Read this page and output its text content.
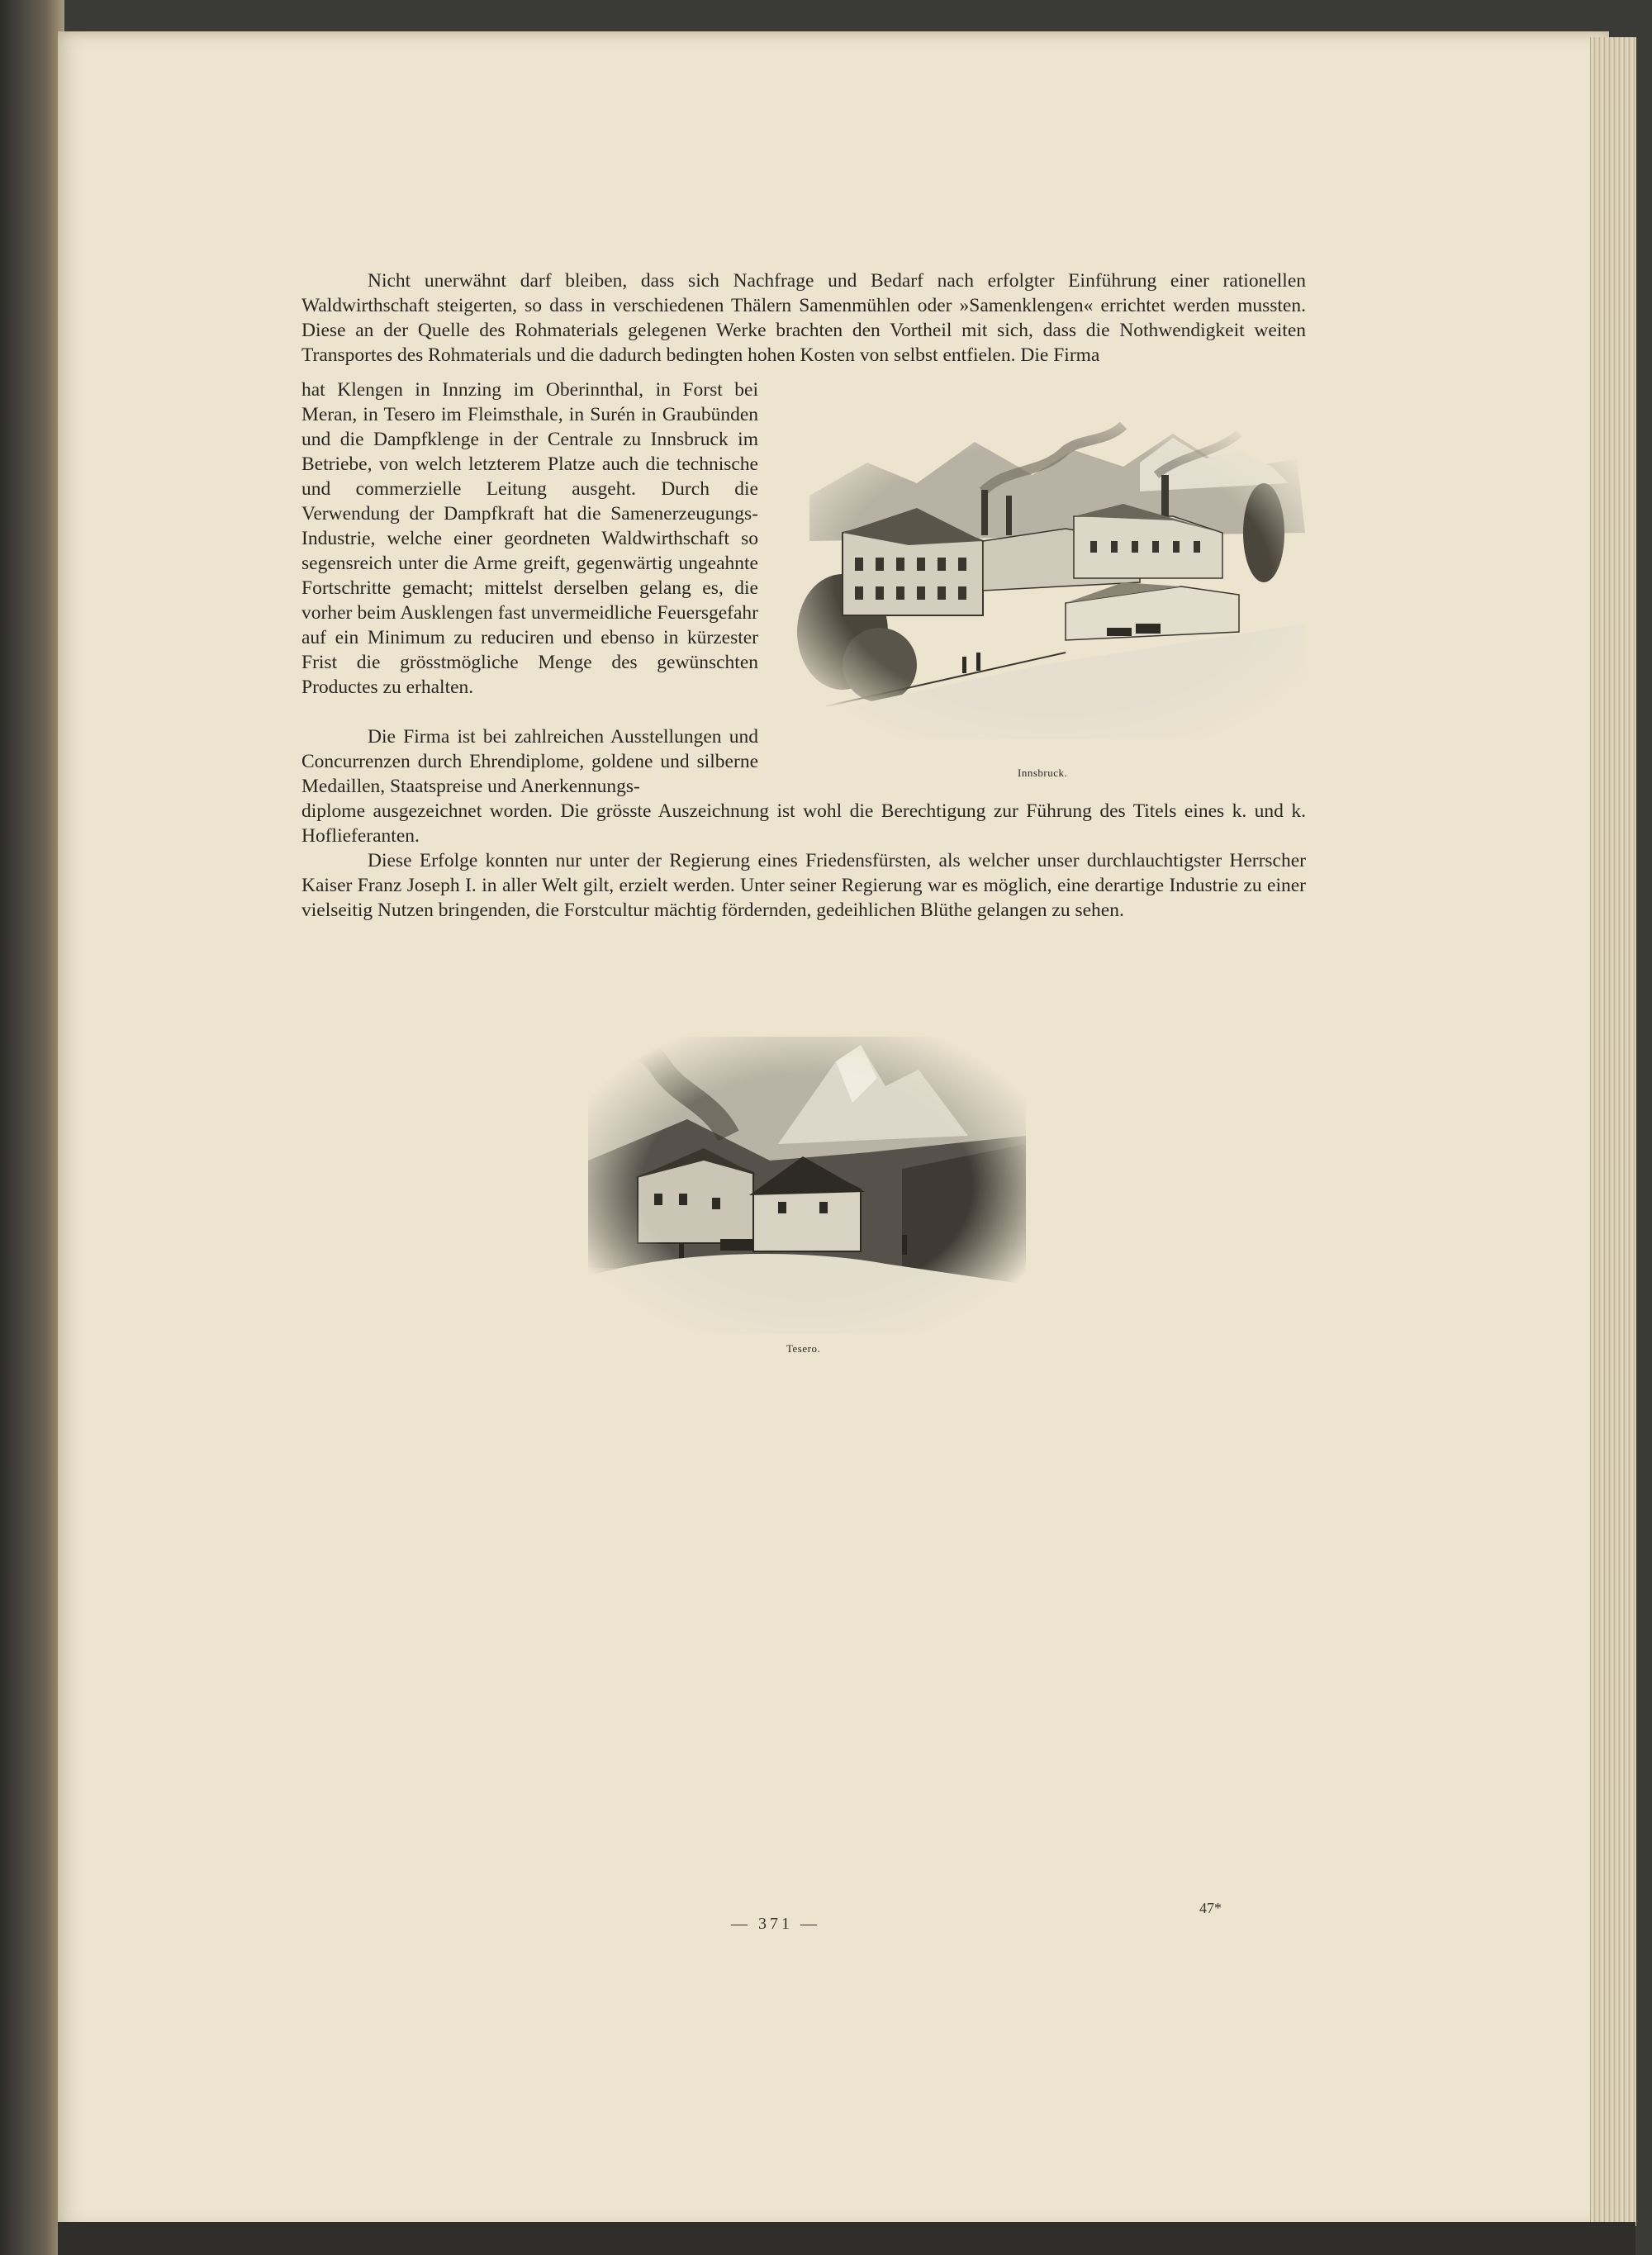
Nicht unerwähnt darf bleiben, dass sich Nachfrage und Bedarf nach erfolgter Einführung einer rationellen Waldwirthschaft steigerten, so dass in verschiedenen Thälern Samenmühlen oder »Samenklengen« errichtet werden mussten. Diese an der Quelle des Rohmaterials gelegenen Werke brachten den Vortheil mit sich, dass die Nothwendigkeit weiten Transportes des Rohmaterials und die dadurch bedingten hohen Kosten von selbst entfielen. Die Firma

hat Klengen in Innzing im Oberinnthal, in Forst bei Meran, in Tesero im Fleimsthale, in Surén in Graubünden und die Dampfklenge in der Centrale zu Innsbruck im Betriebe, von welch letzterem Platze auch die technische und commerzielle Leitung ausgeht. Durch die Verwendung der Dampfkraft hat die Samenerzeugungs-Industrie, welche einer geordneten Waldwirthschaft so segensreich unter die Arme greift, gegenwärtig ungeahnte Fortschritte gemacht; mittelst derselben gelang es, die vorher beim Ausklengen fast unvermeidliche Feuersgefahr auf ein Minimum zu reduciren und ebenso in kürzester Frist die grösstmögliche Menge des gewünschten Productes zu erhalten.

Die Firma ist bei zahlreichen Ausstellungen und Concurrenzen durch Ehrendiplome, goldene und silberne Medaillen, Staatspreise und Anerkennungs-

diplome ausgezeichnet worden. Die grösste Auszeichnung ist wohl die Berechtigung zur Führung des Titels eines k. und k. Hoflieferanten.

Diese Erfolge konnten nur unter der Regierung eines Friedensfürsten, als welcher unser durchlauchtigster Herrscher Kaiser Franz Joseph I. in aller Welt gilt, erzielt werden. Unter seiner Regierung war es möglich, eine derartige Industrie zu einer vielseitig Nutzen bringenden, die Forstcultur mächtig fördernden, gedeihlichen Blüthe gelangen zu sehen.

Innsbruck.
Tesero.
— 371 —
47*
